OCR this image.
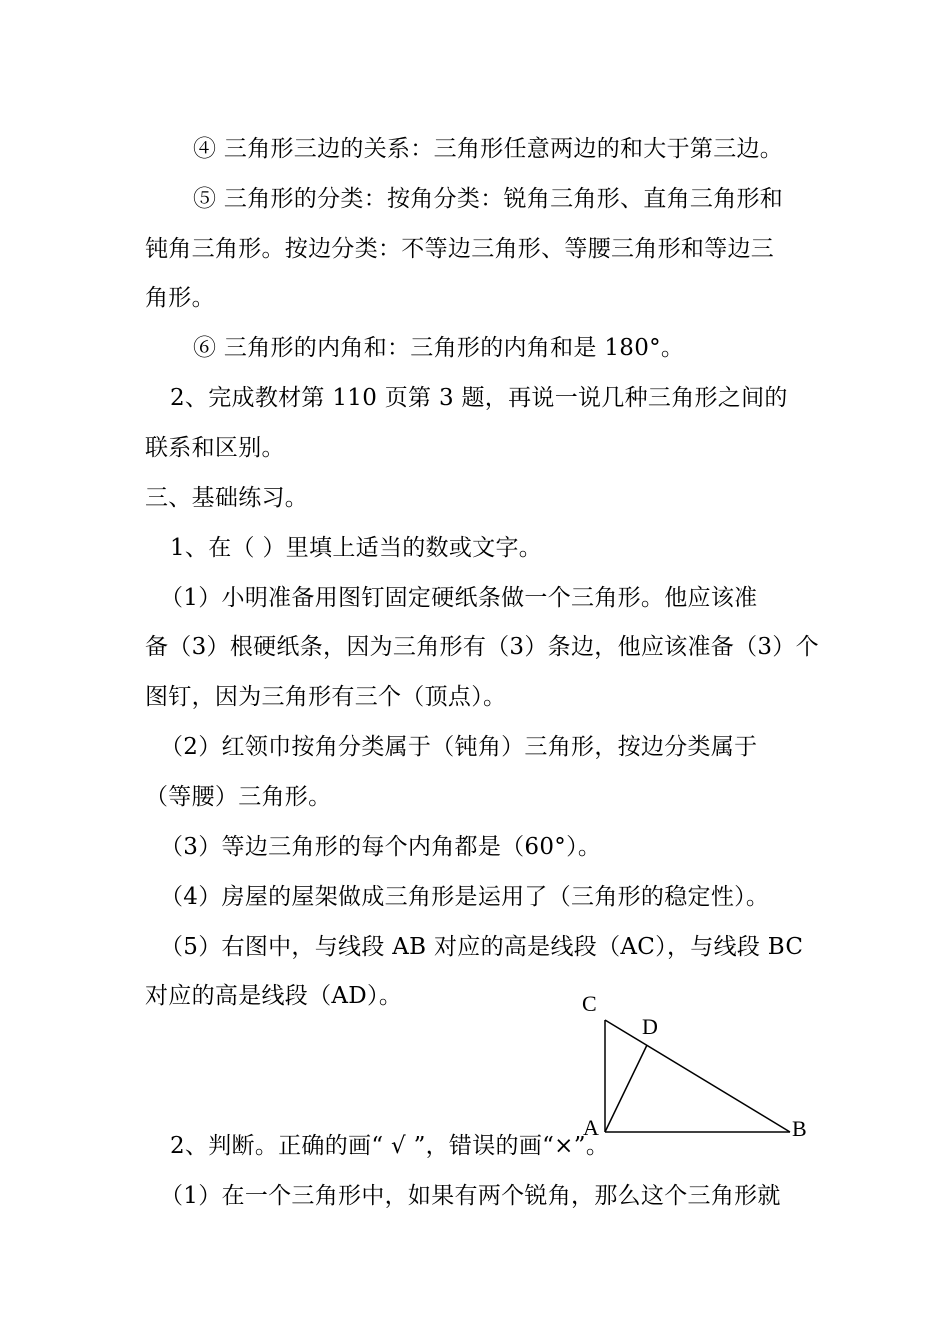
④ 三角形三边的关系：三角形任意两边的和大于第三边。
⑤ 三角形的分类：按角分类：锐角三角形、直角三角形和
钝角三角形。按边分类：不等边三角形、等腰三角形和等边三
角形。
⑥ 三角形的内角和：三角形的内角和是 180°。
2、完成教材第 110 页第 3 题，再说一说几种三角形之间的
联系和区别。
三、基础练习。
1、在（ ）里填上适当的数或文字。
（1）小明准备用图钉固定硬纸条做一个三角形。他应该准
备（3）根硬纸条，因为三角形有（3）条边，他应该准备（3）个
图钉，因为三角形有三个（顶点）。
（2）红领巾按角分类属于（钝角）三角形，按边分类属于
（等腰）三角形。
（3）等边三角形的每个内角都是（60°）。
（4）房屋的屋架做成三角形是运用了（三角形的稳定性）。
（5）右图中，与线段 AB 对应的高是线段（AC），与线段 BC
对应的高是线段（AD）。
2、判断。正确的画“ √ ”，错误的画“×”。
（1）在一个三角形中，如果有两个锐角，那么这个三角形就
C
D
A	B
